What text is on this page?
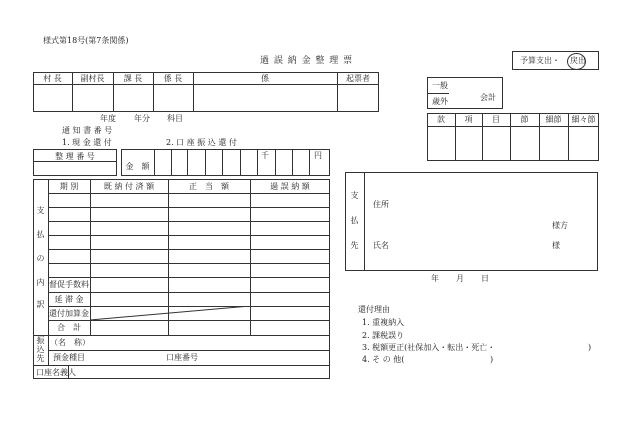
様式第18号(第7条関係)
過 誤 納 金 整 理 票	予算支出・ 戻出
村 長	副村長	課 長	係 長	係	起票者
一般
歳外	会計
年度 年分 科目
通 知 書 番 号
款	項	目	節	細節	細々節
1. 現 金 還 付	2. 口 座 振 込 還 付
整 理 番 号
金　額
千	円
支
払
の
内
訳
期 別	既 納 付 済 額	正　当　額	過 誤 納 額
督促手数料
延 滞 金
還付加算金
合　計
振
込
先
（名　称）
預金種目	口座番号
口座名義人
支
払
先
住所
様方
氏名	様
年 月 日
還付理由
1. 重複納入
2. 課税誤り
3. 税額更正(社保加入・転出・死亡・	)
4. そ の 他(	)
